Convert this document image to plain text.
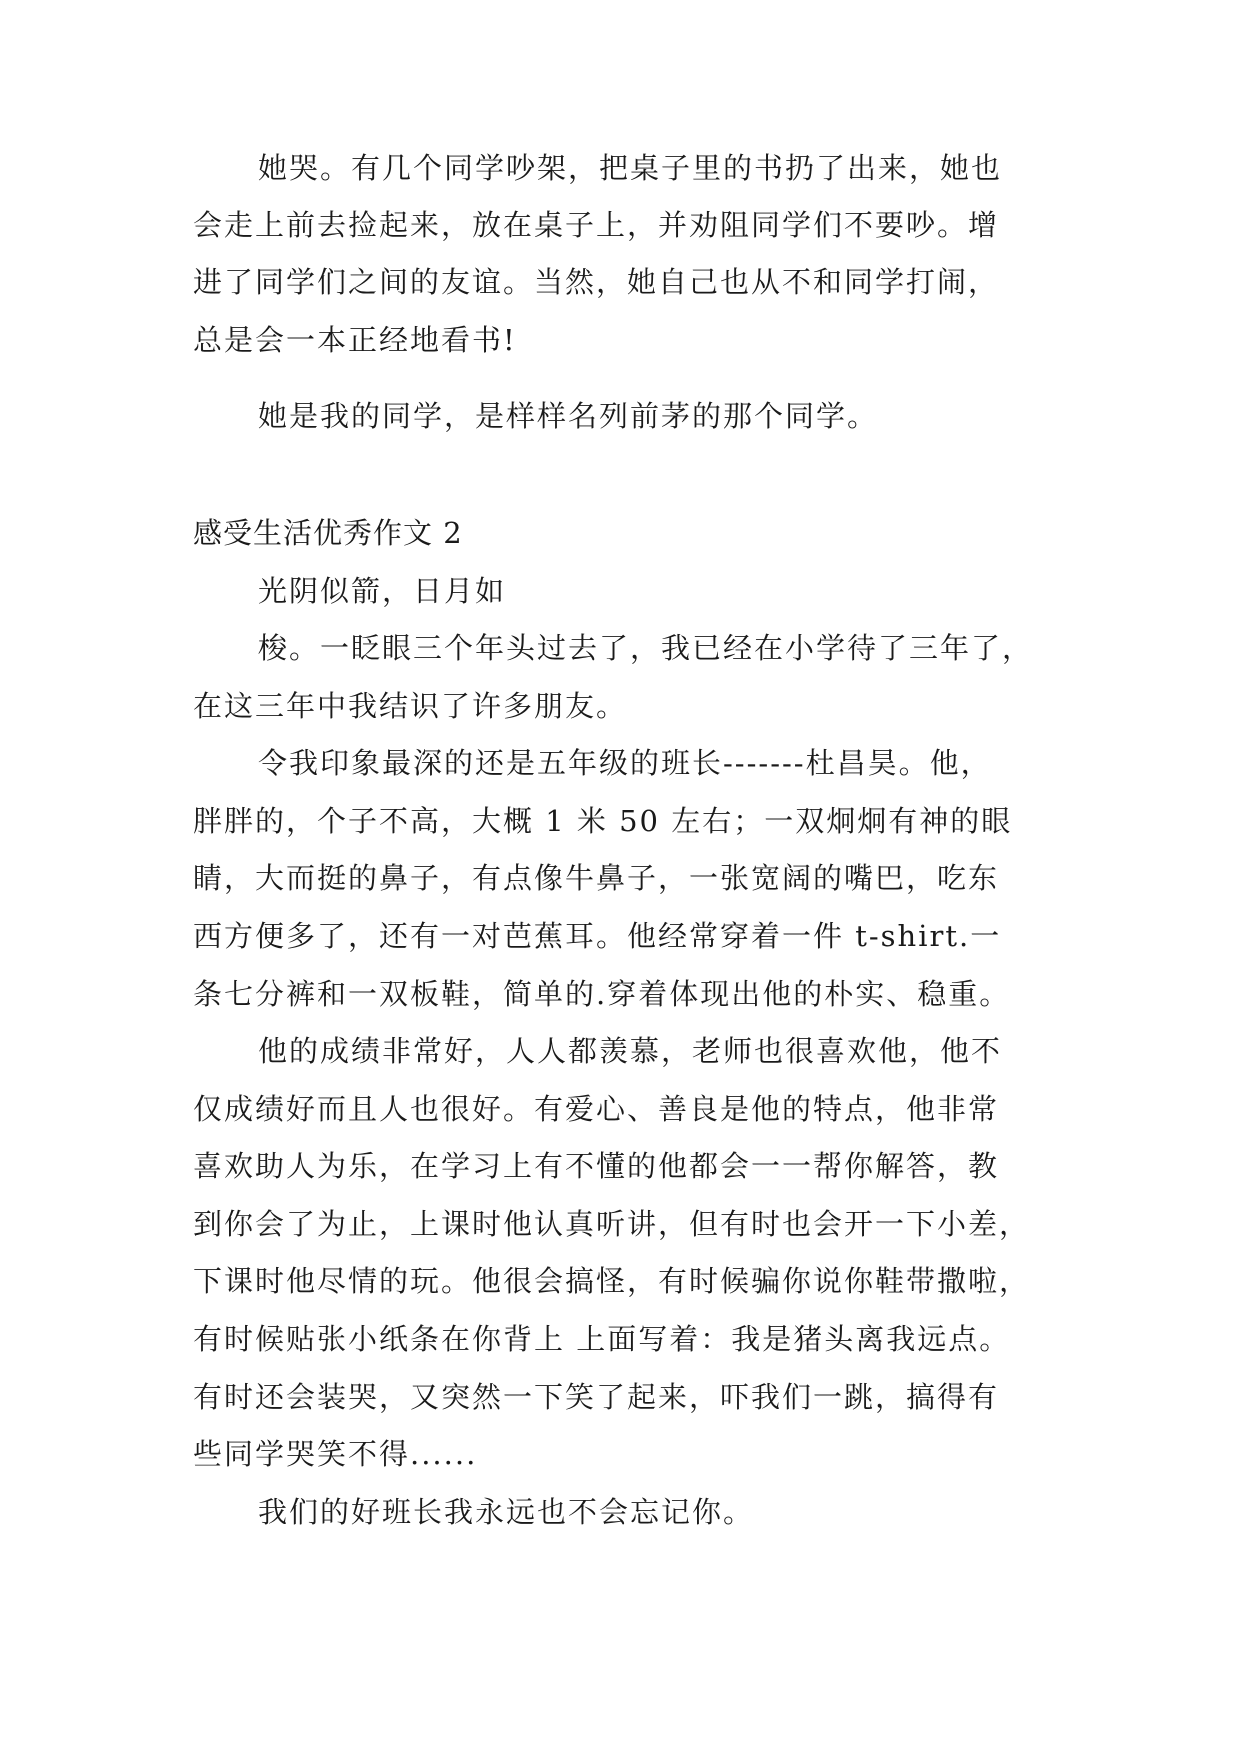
她哭。有几个同学吵架，把桌子里的书扔了出来，她也
会走上前去捡起来，放在桌子上，并劝阻同学们不要吵。增
进了同学们之间的友谊。当然，她自己也从不和同学打闹，
总是会一本正经地看书!
她是我的同学，是样样名列前茅的那个同学。
感受生活优秀作文 2
光阴似箭，日月如
梭。一眨眼三个年头过去了，我已经在小学待了三年了，
在这三年中我结识了许多朋友。
令我印象最深的还是五年级的班长-------杜昌昊。他，
胖胖的，个子不高，大概 1 米 50 左右；一双炯炯有神的眼
睛，大而挺的鼻子，有点像牛鼻子，一张宽阔的嘴巴，吃东
西方便多了，还有一对芭蕉耳。他经常穿着一件 t-shirt.一
条七分裤和一双板鞋，简单的.穿着体现出他的朴实、稳重。
他的成绩非常好，人人都羡慕，老师也很喜欢他，他不
仅成绩好而且人也很好。有爱心、善良是他的特点，他非常
喜欢助人为乐，在学习上有不懂的他都会一一帮你解答，教
到你会了为止，上课时他认真听讲，但有时也会开一下小差，
下课时他尽情的玩。他很会搞怪，有时候骗你说你鞋带撒啦，
有时候贴张小纸条在你背上 上面写着：我是猪头离我远点。
有时还会装哭，又突然一下笑了起来，吓我们一跳，搞得有
些同学哭笑不得......
我们的好班长我永远也不会忘记你。
